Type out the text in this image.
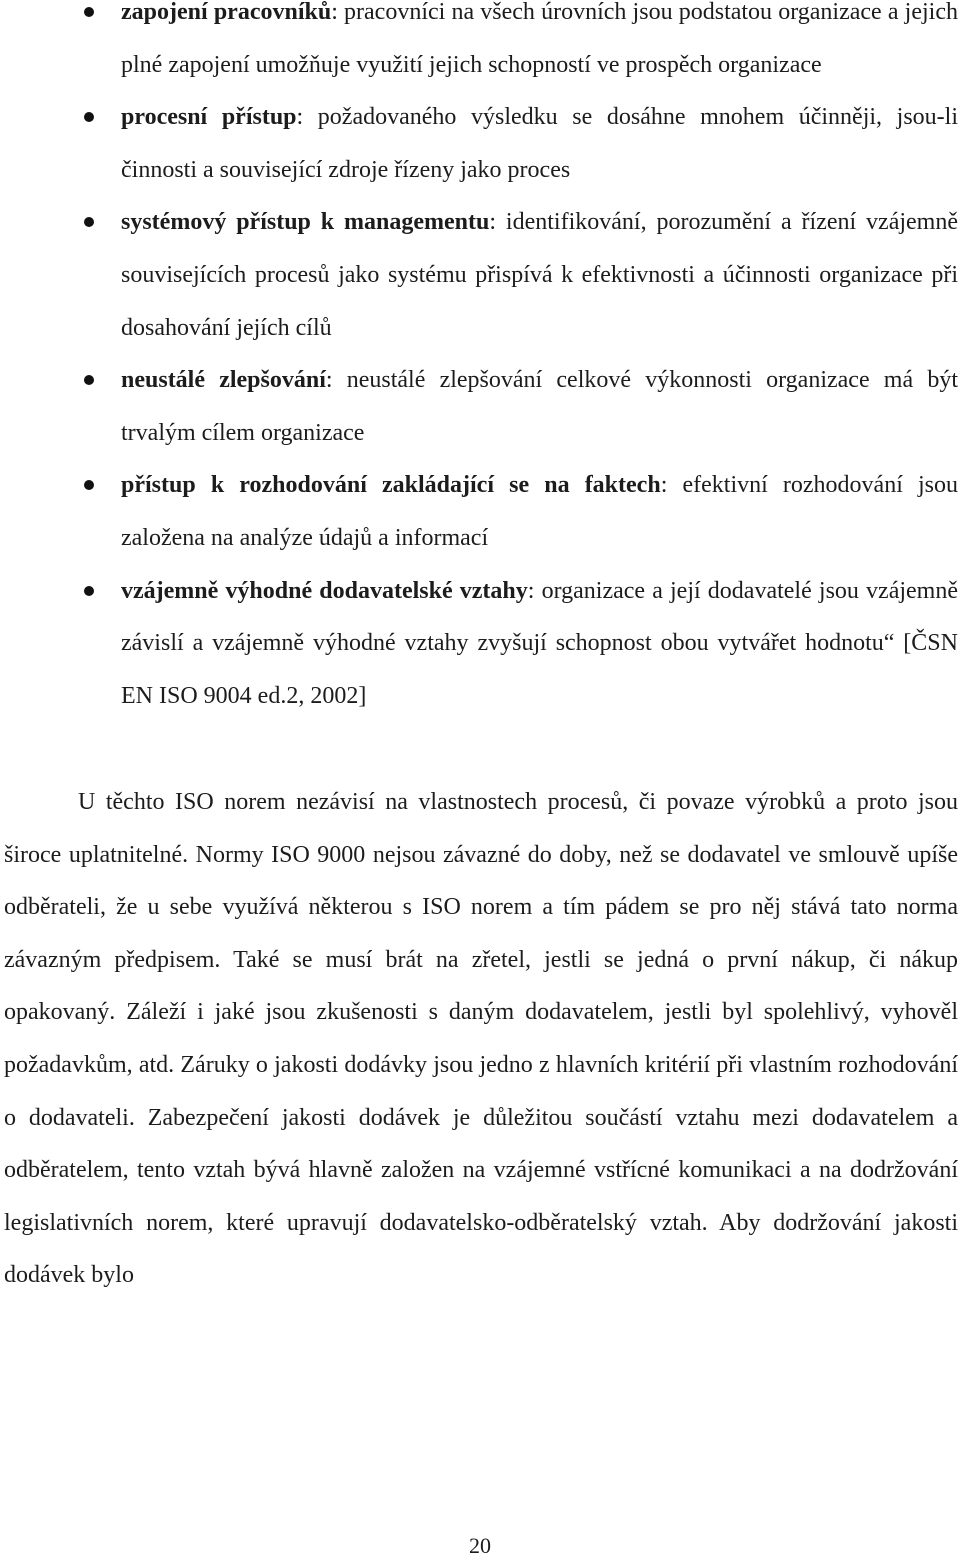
zapojení pracovníků: pracovníci na všech úrovních jsou podstatou organizace a jejich plné zapojení umožňuje využití jejich schopností ve prospěch organizace
procesní přístup: požadovaného výsledku se dosáhne mnohem účinněji, jsou-li činnosti a související zdroje řízeny jako proces
systémový přístup k managementu: identifikování, porozumění a řízení vzájemně souvisejících procesů jako systému přispívá k efektivnosti a účinnosti organizace při dosahování jejích cílů
neustálé zlepšování: neustálé zlepšování celkové výkonnosti organizace má být trvalým cílem organizace
přístup k rozhodování zakládající se na faktech: efektivní rozhodování jsou založena na analýze údajů a informací
vzájemně výhodné dodavatelské vztahy: organizace a její dodavatelé jsou vzájemně závislí a vzájemně výhodné vztahy zvyšují schopnost obou vytvářet hodnotu“ [ČSN EN ISO 9004 ed.2, 2002]

U těchto ISO norem nezávisí na vlastnostech procesů, či povaze výrobků a proto jsou široce uplatnitelné. Normy ISO 9000 nejsou závazné do doby, než se dodavatel ve smlouvě upíše odběrateli, že u sebe využívá některou s ISO norem a tím pádem se pro něj stává tato norma závazným předpisem. Také se musí brát na zřetel, jestli se jedná o první nákup, či nákup opakovaný. Záleží i jaké jsou zkušenosti s daným dodavatelem, jestli byl spolehlivý, vyhověl požadavkům, atd. Záruky o jakosti dodávky jsou jedno z hlavních kritérií při vlastním rozhodování o dodavateli. Zabezpečení jakosti dodávek je důležitou součástí vztahu mezi dodavatelem a odběratelem, tento vztah bývá hlavně založen na vzájemné vstřícné komunikaci a na dodržování legislativních norem, které upravují dodavatelsko-odběratelský vztah. Aby dodržování jakosti dodávek bylo

20
